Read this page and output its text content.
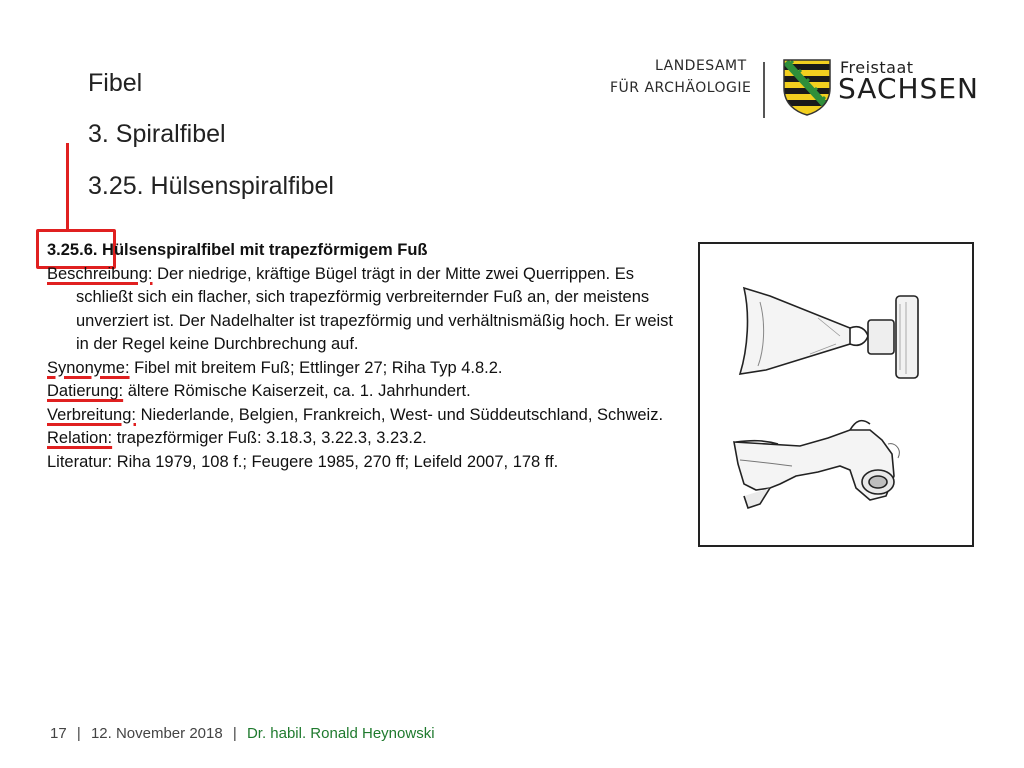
Fibel
3. Spiralfibel
3.25. Hülsenspiralfibel
LANDESAMT
FÜR ARCHÄOLOGIE
Freistaat
SACHSEN

3.25.6. Hülsenspiralfibel mit trapezförmigem Fuß

Beschreibung: Der niedrige, kräftige Bügel trägt in der Mitte zwei Querrippen. Es schließt sich ein flacher, sich trapezförmig verbreiternder Fuß an, der meistens unverziert ist. Der Nadelhalter ist trapezförmig und verhältnismäßig hoch. Er weist in der Regel keine Durchbrechung auf.

Synonyme: Fibel mit breitem Fuß; Ettlinger 27; Riha Typ 4.8.2.

Datierung: ältere Römische Kaiserzeit, ca. 1. Jahrhundert.

Verbreitung: Niederlande, Belgien, Frankreich, West- und Süddeutschland, Schweiz.

Relation: trapezförmiger Fuß: 3.18.3, 3.22.3, 3.23.2.

Literatur: Riha 1979, 108 f.; Feugere 1985, 270 ff; Leifeld 2007, 178 ff.

17 | 12. November 2018 | Dr. habil. Ronald Heynowski
